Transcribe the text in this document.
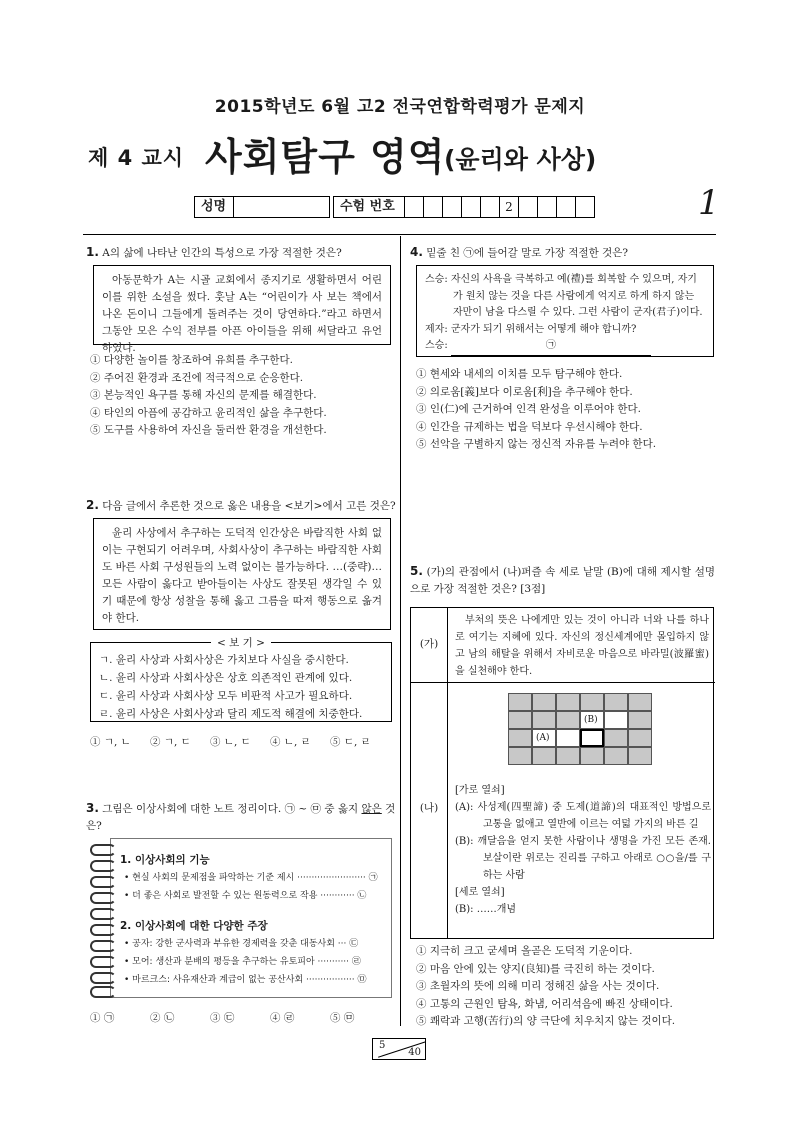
2015학년도 6월 고2 전국연합학력평가 문제지
제 4 교시 사회탐구 영역
(윤리와 사상)
성명	수험 번호	2	1
1. A의 삶에 나타난 인간의 특성으로 가장 적절한 것은?
아동문학가 A는 시골 교회에서 종지기로 생활하면서 어린이를 위한 소설을 썼다. 훗날 A는 “어린이가 사 보는 책에서 나온 돈이니 그들에게 돌려주는 것이 당연하다.”라고 하면서 그동안 모은 수익 전부를 아픈 아이들을 위해 써달라고 유언하였다.
① 다양한 놀이를 창조하여 유희를 추구한다.
② 주어진 환경과 조건에 적극적으로 순응한다.
③ 본능적인 욕구를 통해 자신의 문제를 해결한다.
④ 타인의 아픔에 공감하고 윤리적인 삶을 추구한다.
⑤ 도구를 사용하여 자신을 둘러싼 환경을 개선한다.
2. 다음 글에서 추론한 것으로 옳은 내용을 <보기>에서 고른 것은?
윤리 사상에서 추구하는 도덕적 인간상은 바람직한 사회 없이는 구현되기 어려우며, 사회사상이 추구하는 바람직한 사회도 바른 사회 구성원들의 노력 없이는 불가능하다. …(중략)… 모든 사람이 옳다고 받아들이는 사상도 잘못된 생각일 수 있기 때문에 항상 성찰을 통해 옳고 그름을 따져 행동으로 옮겨야 한다.
< 보 기 >
ㄱ. 윤리 사상과 사회사상은 가치보다 사실을 중시한다.
ㄴ. 윤리 사상과 사회사상은 상호 의존적인 관계에 있다.
ㄷ. 윤리 사상과 사회사상 모두 비판적 사고가 필요하다.
ㄹ. 윤리 사상은 사회사상과 달리 제도적 해결에 치중한다.
① ㄱ, ㄴ ② ㄱ, ㄷ ③ ㄴ, ㄷ ④ ㄴ, ㄹ ⑤ ㄷ, ㄹ
3. 그림은 이상사회에 대한 노트 정리이다. ㉠ ~ ㉤ 중 옳지 않은 것은?
1. 이상사회의 기능
• 현실 사회의 문제점을 파악하는 기준 제시 ························ ㉠
• 더 좋은 사회로 발전할 수 있는 원동력으로 작용 ············ ㉡
2. 이상사회에 대한 다양한 주장
• 공자: 강한 군사력과 부유한 경제력을 갖춘 대동사회 ··· ㉢
• 모어: 생산과 분배의 평등을 추구하는 유토피아 ··········· ㉣
• 마르크스: 사유재산과 계급이 없는 공산사회 ················· ㉤
① ㉠	② ㉡	③ ㉢	④ ㉣	⑤ ㉤
4. 밑줄 친 ㉠에 들어갈 말로 가장 적절한 것은?
스승: 자신의 사욕을 극복하고 예(禮)를 회복할 수 있으며, 자기
가 원치 않는 것을 다른 사람에게 억지로 하게 하지 않는
자만이 남을 다스릴 수 있다. 그런 사람이 군자(君子)이다.
제자: 군자가 되기 위해서는 어떻게 해야 합니까?
스승:	㉠
① 현세와 내세의 이치를 모두 탐구해야 한다.
② 의로움[義]보다 이로움[利]을 추구해야 한다.
③ 인(仁)에 근거하여 인격 완성을 이루어야 한다.
④ 인간을 규제하는 법을 덕보다 우선시해야 한다.
⑤ 선악을 구별하지 않는 정신적 자유를 누려야 한다.
5. (가)의 관점에서 (나)퍼즐 속 세로 낱말 (B)에 대해 제시할 설명으로 가장 적절한 것은? [3점]
(가)
부처의 뜻은 나에게만 있는 것이 아니라 너와 나를 하나로 여기는 지혜에 있다. 자신의 정신세계에만 몰입하지 않고 남의 해탈을 위해서 자비로운 마음으로 바라밀(波羅蜜)을 실천해야 한다.
(나)
[가로 열쇠]
(A): 사성제(四聖諦) 중 도제(道諦)의 대표적인 방법으로 고통을 없애고 열반에 이르는 여덟 가지의 바른 길
(B): 깨달음을 얻지 못한 사람이나 생명을 가진 모든 존재. 보살이란 위로는 진리를 구하고 아래로 ○○을/를 구하는 사람
[세로 열쇠]
(B): ……개념
(B)
(A)
① 지극히 크고 굳세며 올곧은 도덕적 기운이다.
② 마음 안에 있는 양지(良知)를 극진히 하는 것이다.
③ 초월자의 뜻에 의해 미리 정해진 삶을 사는 것이다.
④ 고통의 근원인 탐욕, 화냄, 어리석음에 빠진 상태이다.
⑤ 쾌락과 고행(苦行)의 양 극단에 치우치지 않는 것이다.
5
40
